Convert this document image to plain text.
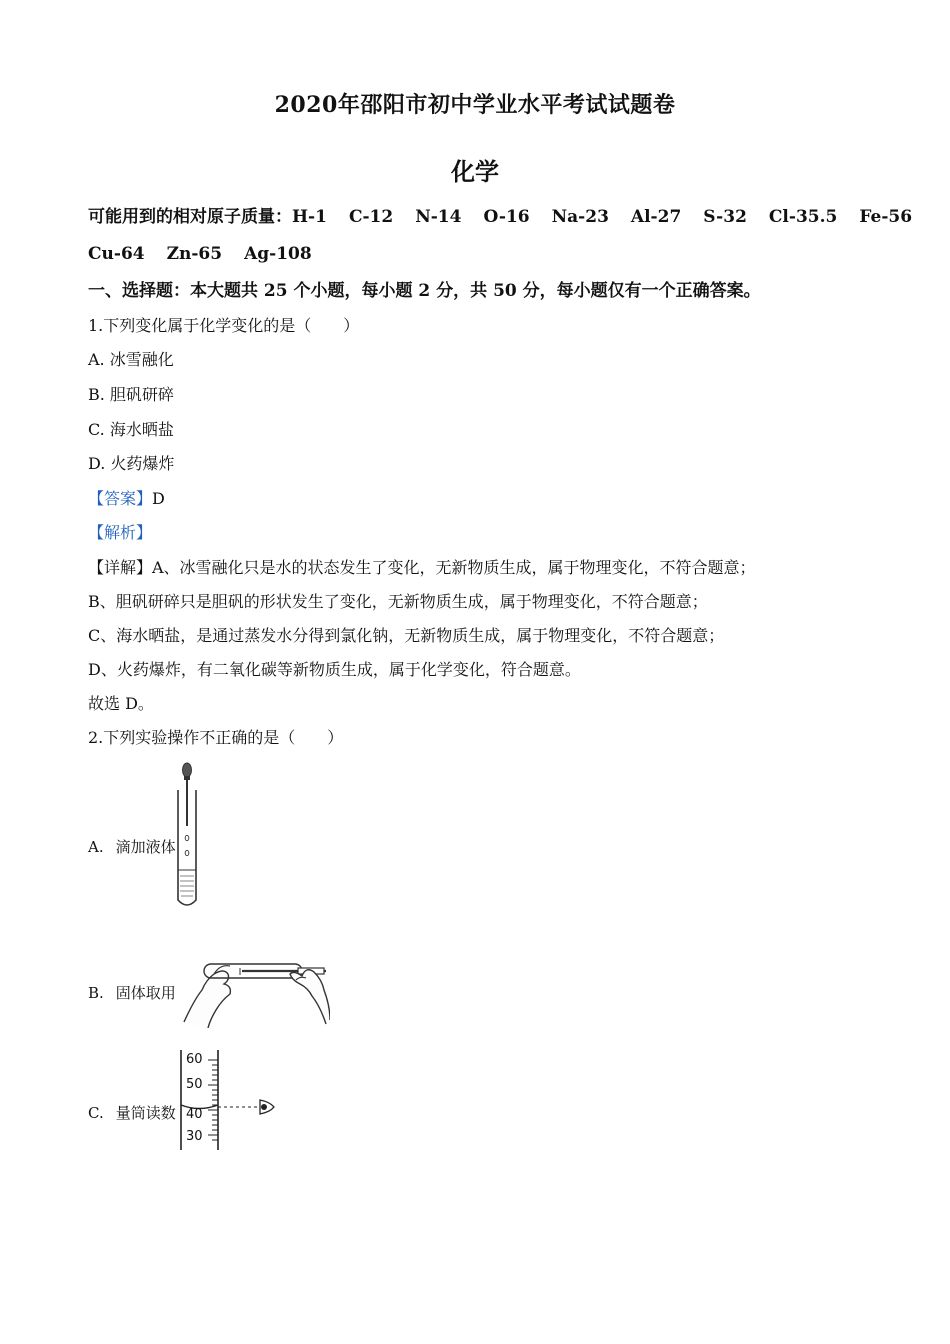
2020年邵阳市初中学业水平考试试题卷
化学
可能用到的相对原子质量：H-1 C-12 N-14 O-16 Na-23 Al-27 S-32 Cl-35.5 Fe-56
Cu-64 Zn-65 Ag-108
一、选择题：本大题共 25 个小题，每小题 2 分，共 50 分，每小题仅有一个正确答案。
1.下列变化属于化学变化的是（　　）
A. 冰雪融化
B. 胆矾研碎
C. 海水晒盐
D. 火药爆炸
【答案】D
【解析】
【详解】A、冰雪融化只是水的状态发生了变化，无新物质生成，属于物理变化，不符合题意；
B、胆矾研碎只是胆矾的形状发生了变化，无新物质生成，属于物理变化，不符合题意；
C、海水晒盐，是通过蒸发水分得到氯化钠，无新物质生成，属于物理变化，不符合题意；
D、火药爆炸，有二氧化碳等新物质生成，属于化学变化，符合题意。
故选 D。
2.下列实验操作不正确的是（　　）
A. 滴加液体
B. 固体取用
C. 量筒读数
60
50
40
30
